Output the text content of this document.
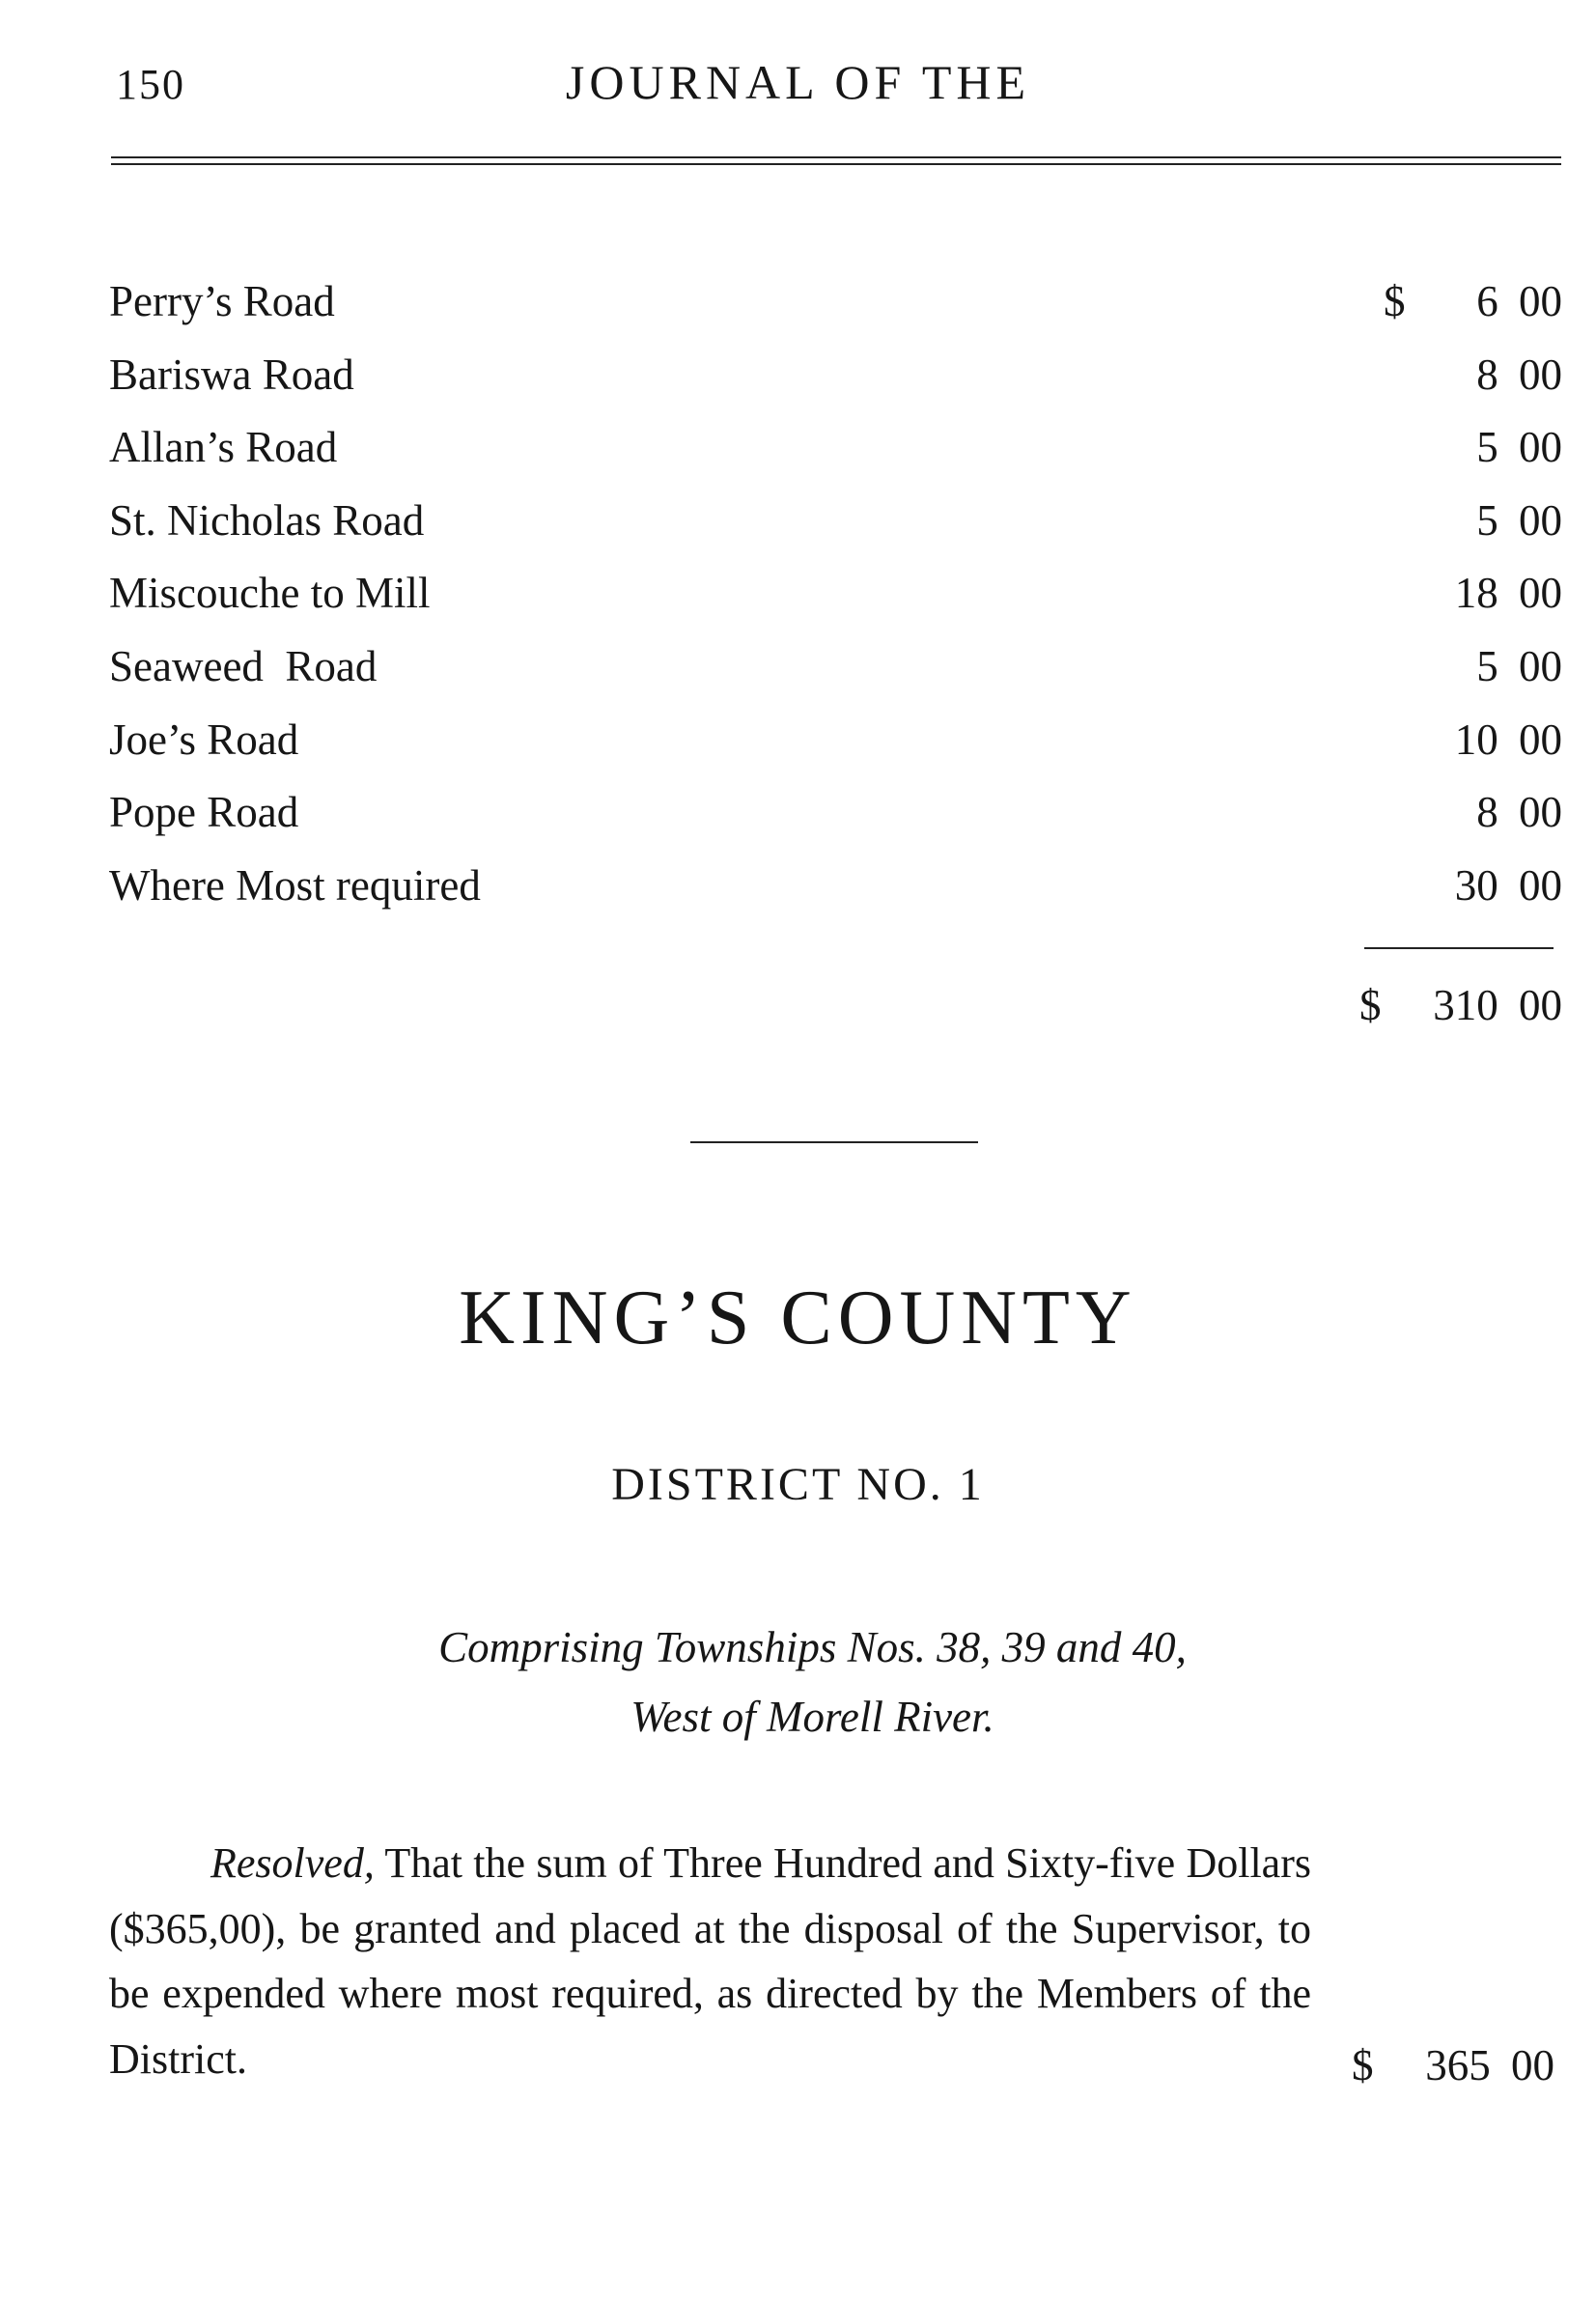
150	JOURNAL OF THE
Perry’s Road	$ 6 00
Bariswa Road	8 00
Allan’s Road	5 00
St. Nicholas Road	5 00
Miscouche to Mill	18 00
Seaweed  Road	5 00
Joe’s Road	10 00
Pope Road	8 00
Where Most required	30 00
$ 310 00
KING’S COUNTY
DISTRICT NO. 1
Comprising Townships Nos. 38, 39 and 40,
West of Morell River.
Resolved, That the sum of Three Hundred and Sixty-five Dollars ($365,00), be granted and placed at the disposal of the Supervisor, to be expended where most required, as directed by the Members of the District.	$ 365 00
